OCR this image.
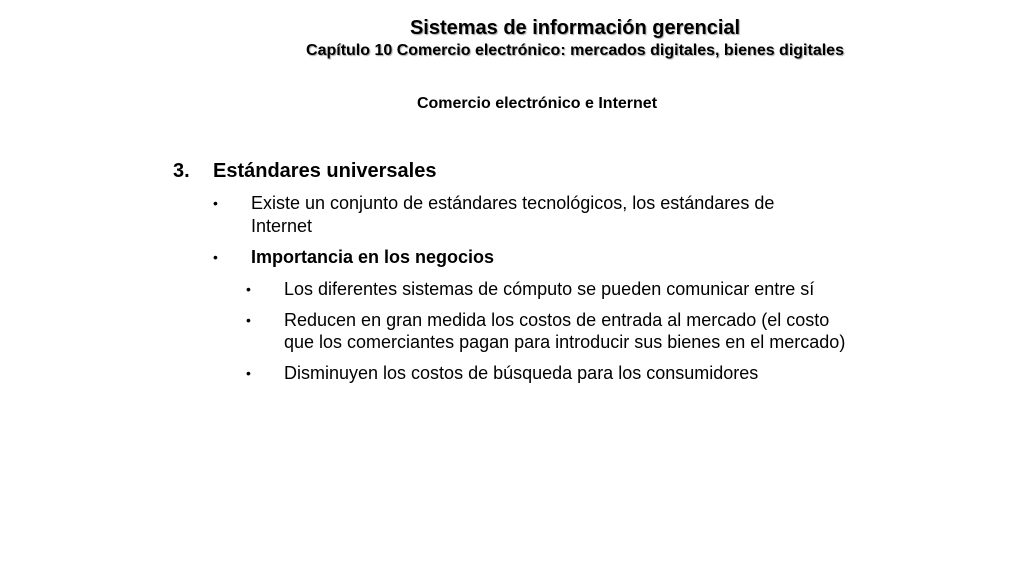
Sistemas de información gerencial
Capítulo 10 Comercio electrónico: mercados digitales, bienes digitales
Comercio electrónico e Internet
3.	Estándares universales
•	Existe un conjunto de estándares tecnológicos, los estándares de Internet
•	Importancia en los negocios
•	Los diferentes sistemas de cómputo se pueden comunicar entre sí
•	Reducen en gran medida los costos de entrada al mercado (el costo que los comerciantes pagan para introducir sus bienes en el mercado)
•	Disminuyen los costos de búsqueda para los consumidores
